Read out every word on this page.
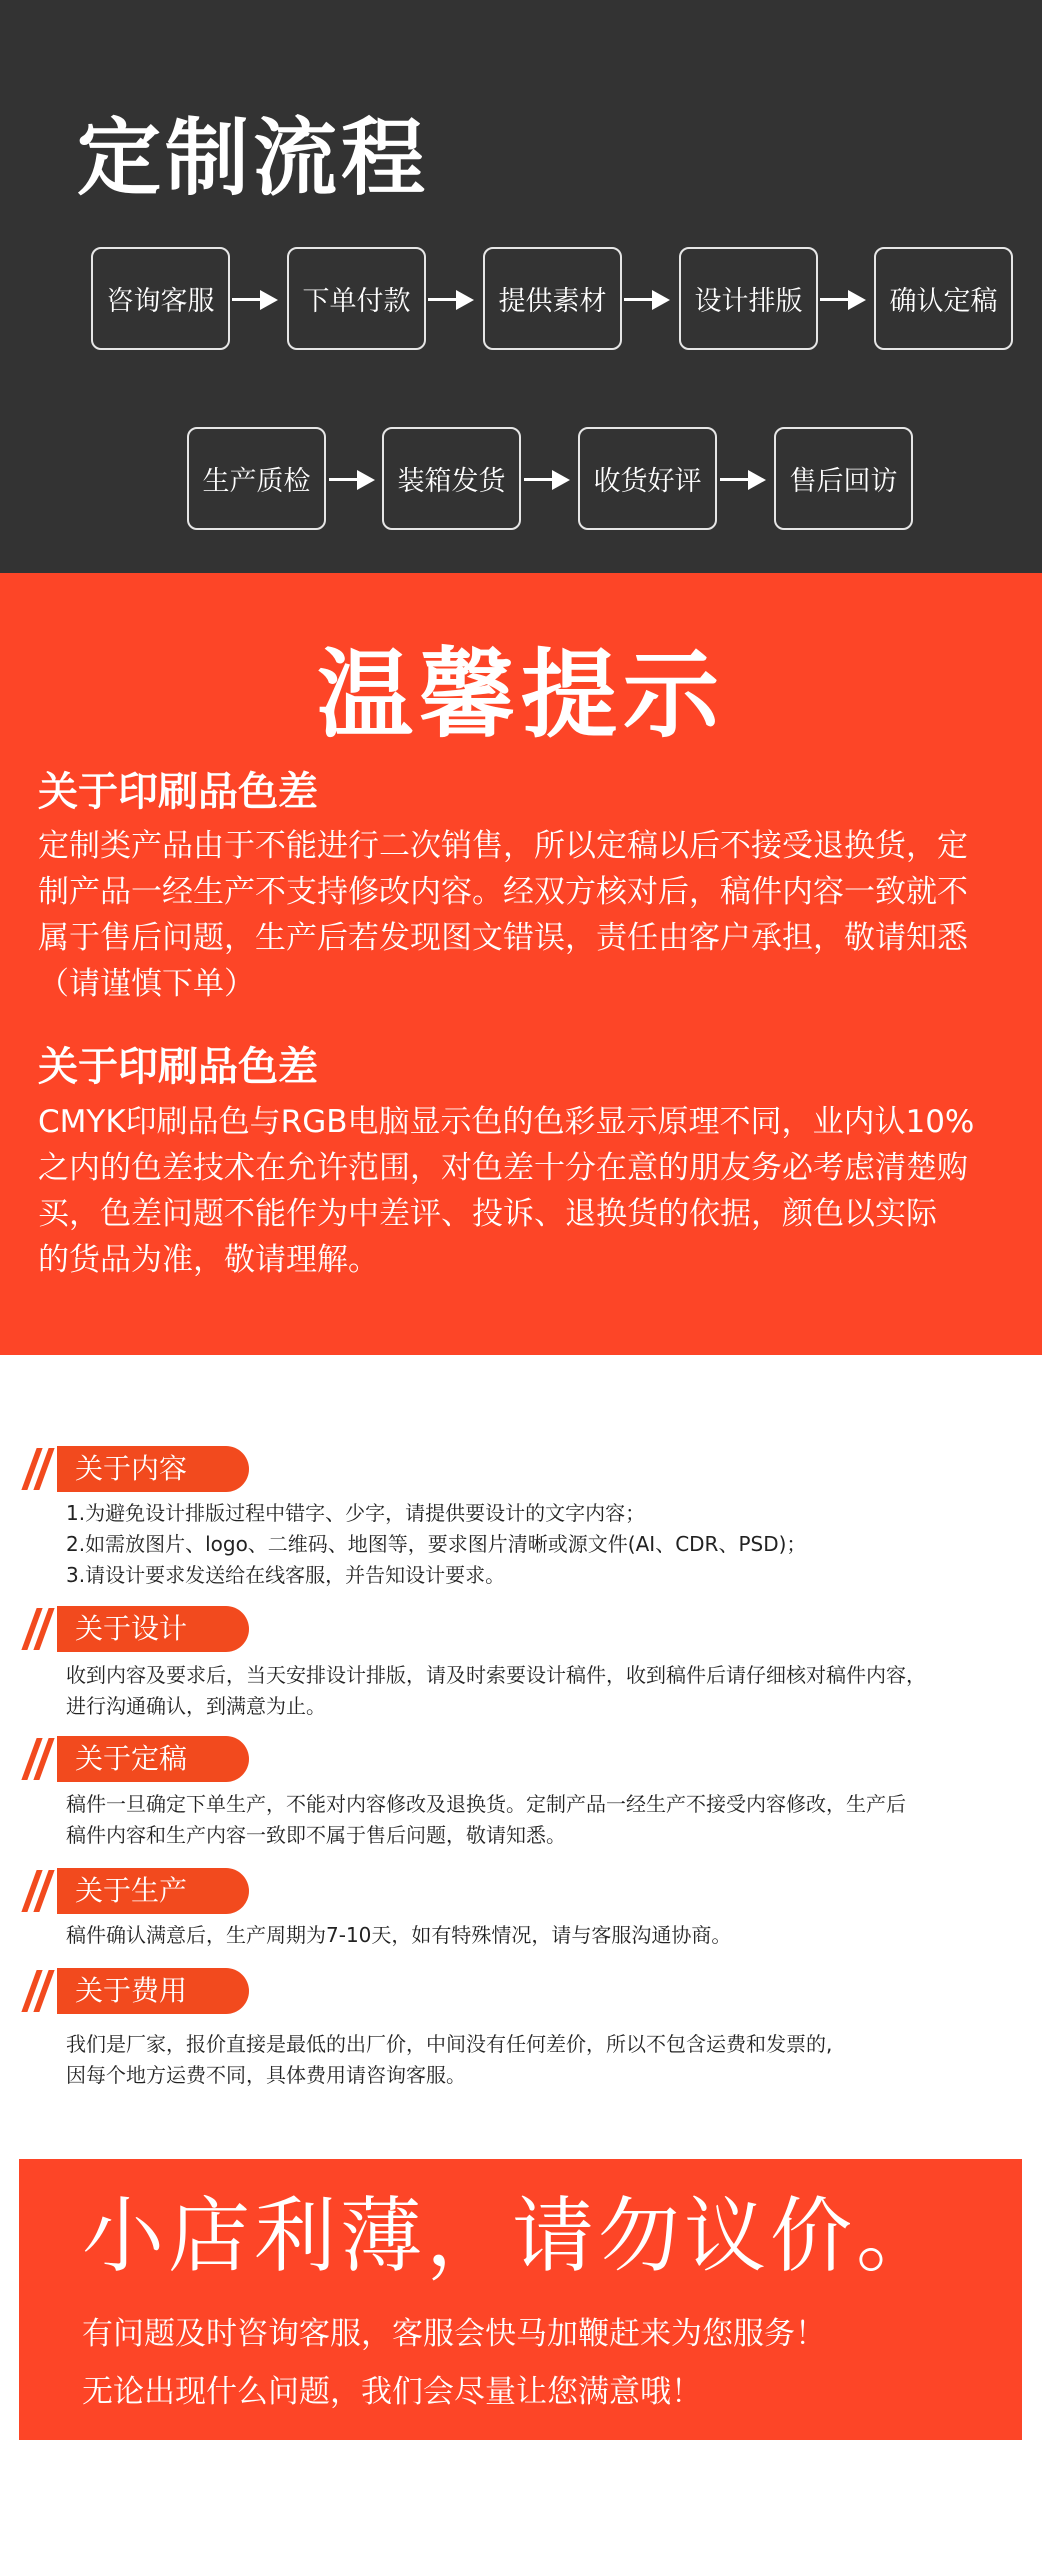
定制流程
咨询客服	下单付款	提供素材	设计排版	确认定稿
生产质检	装箱发货	收货好评	售后回访
温馨提示
关于印刷品色差
定制类产品由于不能进行二次销售，所以定稿以后不接受退换货，定
制产品一经生产不支持修改内容。经双方核对后，稿件内容一致就不
属于售后问题，生产后若发现图文错误，责任由客户承担，敬请知悉
（请谨慎下单）
关于印刷品色差
CMYK印刷品色与RGB电脑显示色的色彩显示原理不同，业内认10%
之内的色差技术在允许范围，对色差十分在意的朋友务必考虑清楚购
买，色差问题不能作为中差评、投诉、退换货的依据，颜色以实际
的货品为准，敬请理解。
关于内容
1.为避免设计排版过程中错字、少字，请提供要设计的文字内容；
2.如需放图片、logo、二维码、地图等，要求图片清晰或源文件(AI、CDR、PSD)；
3.请设计要求发送给在线客服，并告知设计要求。
关于设计
收到内容及要求后，当天安排设计排版，请及时索要设计稿件，收到稿件后请仔细核对稿件内容，
进行沟通确认，到满意为止。
关于定稿
稿件一旦确定下单生产，不能对内容修改及退换货。定制产品一经生产不接受内容修改，生产后
稿件内容和生产内容一致即不属于售后问题，敬请知悉。
关于生产
稿件确认满意后，生产周期为7-10天，如有特殊情况，请与客服沟通协商。
关于费用
我们是厂家，报价直接是最低的出厂价，中间没有任何差价，所以不包含运费和发票的,
因每个地方运费不同，具体费用请咨询客服。
小店利薄，请勿议价。
有问题及时咨询客服，客服会快马加鞭赶来为您服务！
无论出现什么问题，我们会尽量让您满意哦！
